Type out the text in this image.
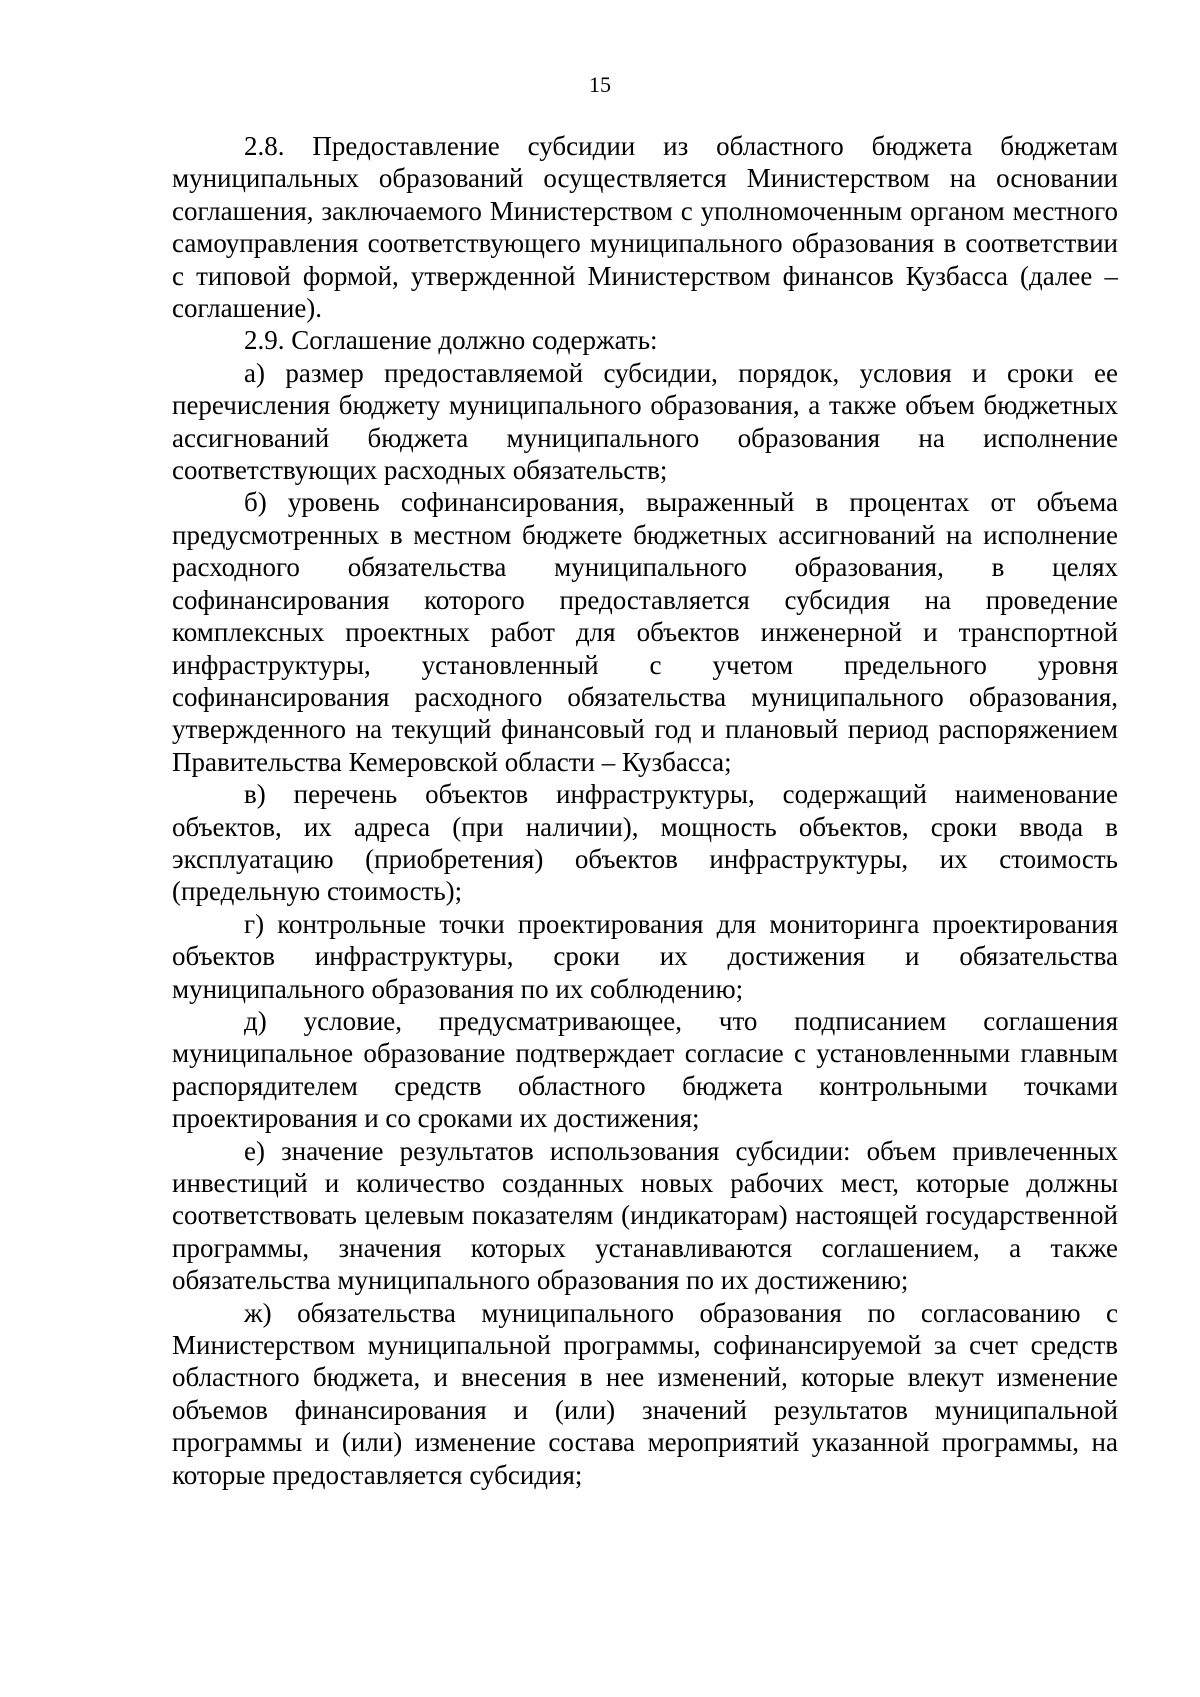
15

2.8. Предоставление субсидии из областного бюджета бюджетам муниципальных образований осуществляется Министерством на основании соглашения, заключаемого Министерством с уполномоченным органом местного самоуправления соответствующего муниципального образования в соответствии с типовой формой, утвержденной Министерством финансов Кузбасса (далее – соглашение).

2.9. Соглашение должно содержать:

а) размер предоставляемой субсидии, порядок, условия и сроки ее перечисления бюджету муниципального образования, а также объем бюджетных ассигнований бюджета муниципального образования на исполнение соответствующих расходных обязательств;

б) уровень софинансирования, выраженный в процентах от объема предусмотренных в местном бюджете бюджетных ассигнований на исполнение расходного обязательства муниципального образования, в целях софинансирования которого предоставляется субсидия на проведение комплексных проектных работ для объектов инженерной и транспортной инфраструктуры, установленный с учетом предельного уровня софинансирования расходного обязательства муниципального образования, утвержденного на текущий финансовый год и плановый период распоряжением Правительства Кемеровской области – Кузбасса;

в) перечень объектов инфраструктуры, содержащий наименование объектов, их адреса (при наличии), мощность объектов, сроки ввода в эксплуатацию (приобретения) объектов инфраструктуры, их стоимость (предельную стоимость);

г) контрольные точки проектирования для мониторинга проектирования объектов инфраструктуры, сроки их достижения и обязательства муниципального образования по их соблюдению;

д) условие, предусматривающее, что подписанием соглашения муниципальное образование подтверждает согласие с установленными главным распорядителем средств областного бюджета контрольными точками проектирования и со сроками их достижения;

е) значение результатов использования субсидии: объем привлеченных инвестиций и количество созданных новых рабочих мест, которые должны соответствовать целевым показателям (индикаторам) настоящей государственной программы, значения которых устанавливаются соглашением, а также обязательства муниципального образования по их достижению;

ж) обязательства муниципального образования по согласованию с Министерством муниципальной программы, софинансируемой за счет средств областного бюджета, и внесения в нее изменений, которые влекут изменение объемов финансирования и (или) значений результатов муниципальной программы и (или) изменение состава мероприятий указанной программы, на которые предоставляется субсидия;
